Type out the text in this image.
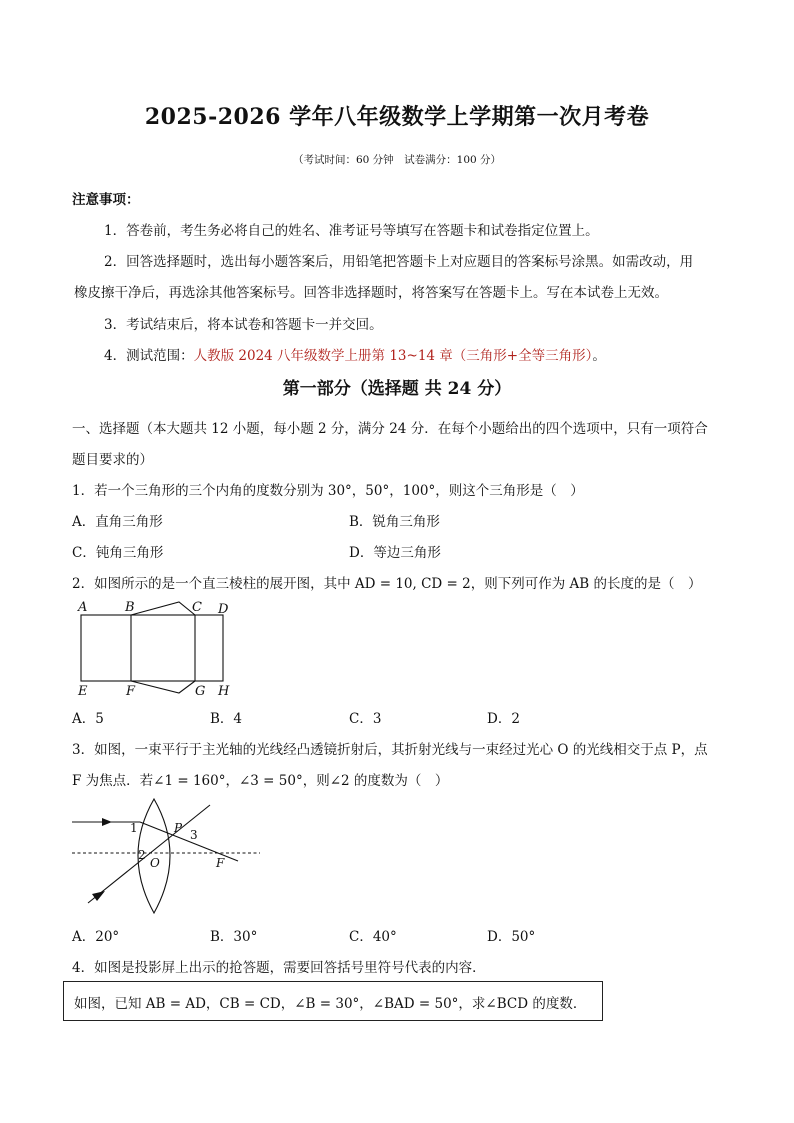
2025-2026 学年八年级数学上学期第一次月考卷
（考试时间：60 分钟　试卷满分：100 分）
注意事项：
1．答卷前，考生务必将自己的姓名、准考证号等填写在答题卡和试卷指定位置上。
2．回答选择题时，选出每小题答案后，用铅笔把答题卡上对应题目的答案标号涂黑。如需改动，用
橡皮擦干净后，再选涂其他答案标号。回答非选择题时，将答案写在答题卡上。写在本试卷上无效。
3．考试结束后，将本试卷和答题卡一并交回。
4．测试范围：人教版 2024 八年级数学上册第 13~14 章（三角形+全等三角形）。
第一部分（选择题 共 24 分）
一、选择题（本大题共 12 小题，每小题 2 分，满分 24 分．在每个小题给出的四个选项中，只有一项符合
题目要求的）
1．若一个三角形的三个内角的度数分别为 30°，50°，100°，则这个三角形是（　）
A．直角三角形	B．锐角三角形
C．钝角三角形	D．等边三角形
2．如图所示的是一个直三棱柱的展开图，其中 AD = 10, CD = 2，则下列可作为 AB 的长度的是（　）
A	B	C D
E	F	G H
A．5	B．4	C．3	D．2
3．如图，一束平行于主光轴的光线经凸透镜折射后，其折射光线与一束经过光心 O 的光线相交于点 P，点
F 为焦点．若∠1 = 160°，∠3 = 50°，则∠2 的度数为（　）
1
2
3
P
O	F
A．20°	B．30°	C．40°	D．50°
4．如图是投影屏上出示的抢答题，需要回答括号里符号代表的内容．
如图，已知 AB = AD，CB = CD，∠B = 30°，∠BAD = 50°，求∠BCD 的度数．
